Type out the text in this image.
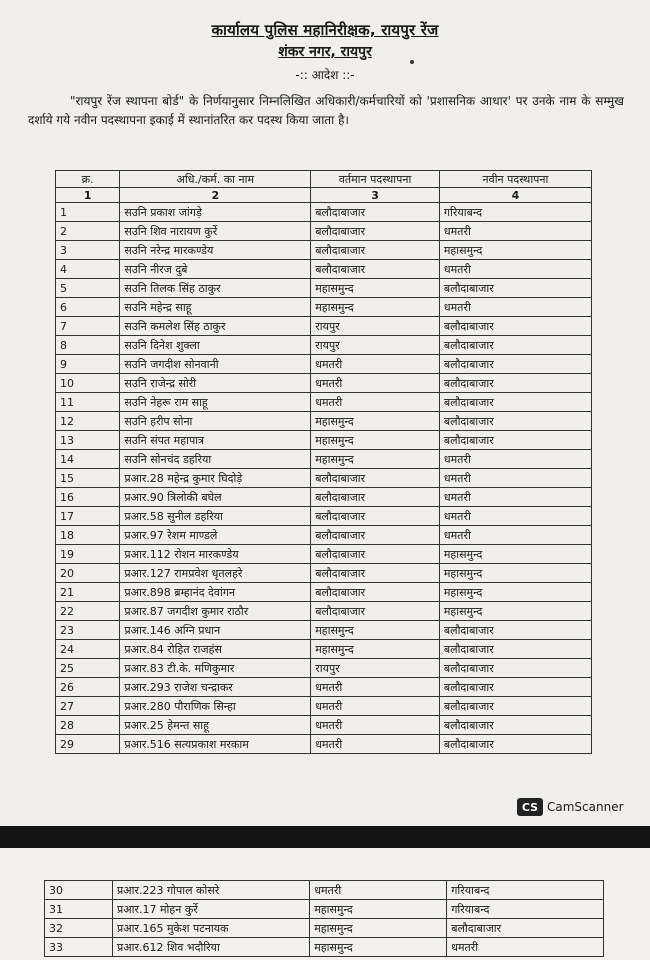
कार्यालय पुलिस महानिरीक्षक, रायपुर रेंज
शंकर नगर, रायपुर
-:: आदेश ::-
"रायपुर रेंज स्थापना बोर्ड" के निर्णयानुसार निम्नलिखित अधिकारी/कर्मचारियों को 'प्रशासनिक आधार' पर उनके नाम के सम्मुख दर्शाये गये नवीन पदस्थापना इकाई में स्थानांतरित कर पदस्थ किया जाता है।
क्र.	अधि./कर्म. का नाम	वर्तमान पदस्थापना	नवीन पदस्थापना
1	2	3	4
1	सउनि प्रकाश जांगड़े	बलौदाबाजार	गरियाबन्द
2	सउनि शिव नारायण कुर्रे	बलौदाबाजार	धमतरी
3	सउनि नरेन्द्र मारकण्डेय	बलौदाबाजार	महासमुन्द
4	सउनि नीरज दुबे	बलौदाबाजार	धमतरी
5	सउनि तिलक सिंह ठाकुर	महासमुन्द	बलौदाबाजार
6	सउनि महेन्द्र साहू	महासमुन्द	धमतरी
7	सउनि कमलेश सिंह ठाकुर	रायपुर	बलौदाबाजार
8	सउनि दिनेश शुक्ला	रायपुर	बलौदाबाजार
9	सउनि जगदीश सोनवानी	धमतरी	बलौदाबाजार
10	सउनि राजेन्द्र सोरी	धमतरी	बलौदाबाजार
11	सउनि नेहरू राम साहू	धमतरी	बलौदाबाजार
12	सउनि हरीप सोना	महासमुन्द	बलौदाबाजार
13	सउनि संपत महापात्र	महासमुन्द	बलौदाबाजार
14	सउनि सोनचंद डहरिया	महासमुन्द	धमतरी
15	प्रआर.28 महेन्द्र कुमार घिदोड़े	बलौदाबाजार	धमतरी
16	प्रआर.90 त्रिलोकी बघेल	बलौदाबाजार	धमतरी
17	प्रआर.58 सुनील डहरिया	बलौदाबाजार	धमतरी
18	प्रआर.97 रेशम माण्डले	बलौदाबाजार	धमतरी
19	प्रआर.112 रोशन मारकण्डेय	बलौदाबाजार	महासमुन्द
20	प्रआर.127 रामप्रवेश धृतलहरे	बलौदाबाजार	महासमुन्द
21	प्रआर.898 ब्रम्हानंद देवांगन	बलौदाबाजार	महासमुन्द
22	प्रआर.87 जगदीश कुमार राठौर	बलौदाबाजार	महासमुन्द
23	प्रआर.146 अग्नि प्रधान	महासमुन्द	बलौदाबाजार
24	प्रआर.84 रोहित राजहंस	महासमुन्द	बलौदाबाजार
25	प्रआर.83 टी.के. मणिकुमार	रायपुर	बलौदाबाजार
26	प्रआर.293 राजेश चन्द्राकर	धमतरी	बलौदाबाजार
27	प्रआर.280 पौराणिक सिन्हा	धमतरी	बलौदाबाजार
28	प्रआर.25 हेमन्त साहू	धमतरी	बलौदाबाजार
29	प्रआर.516 सत्यप्रकाश मरकाम	धमतरी	बलौदाबाजार
CS CamScanner
30	प्रआर.223 गोपाल कोसरे	धमतरी	गरियाबन्द
31	प्रआर.17 मोहन कुर्रे	महासमुन्द	गरियाबन्द
32	प्रआर.165 मुकेश पटनायक	महासमुन्द	बलौदाबाजार
33	प्रआर.612 शिव भदौरिया	महासमुन्द	धमतरी
